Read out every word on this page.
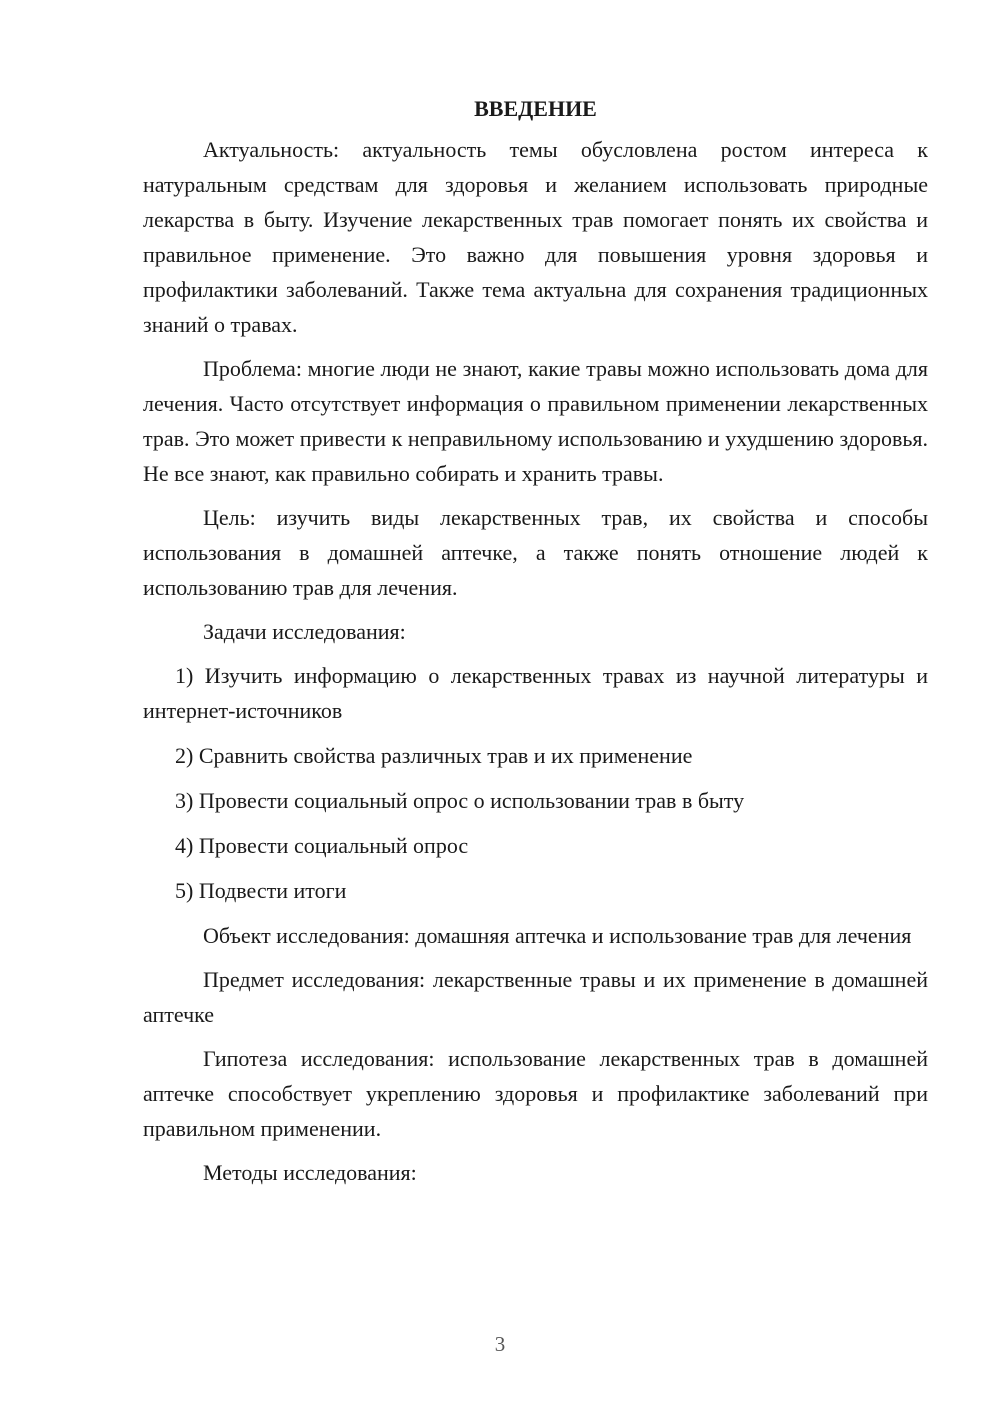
ВВЕДЕНИЕ

Актуальность: актуальность темы обусловлена ростом интереса к натуральным средствам для здоровья и желанием использовать природные лекарства в быту. Изучение лекарственных трав помогает понять их свойства и правильное применение. Это важно для повышения уровня здоровья и профилактики заболеваний. Также тема актуальна для сохранения традиционных знаний о травах.

Проблема: многие люди не знают, какие травы можно использовать дома для лечения. Часто отсутствует информация о правильном применении лекарственных трав. Это может привести к неправильному использованию и ухудшению здоровья. Не все знают, как правильно собирать и хранить травы.

Цель: изучить виды лекарственных трав, их свойства и способы использования в домашней аптечке, а также понять отношение людей к использованию трав для лечения.

Задачи исследования:

1) Изучить информацию о лекарственных травах из научной литературы и интернет-источников

2) Сравнить свойства различных трав и их применение

3) Провести социальный опрос о использовании трав в быту

4) Провести социальный опрос

5) Подвести итоги

Объект исследования: домашняя аптечка и использование трав для лечения

Предмет исследования: лекарственные травы и их применение в домашней аптечке

Гипотеза исследования: использование лекарственных трав в домашней аптечке способствует укреплению здоровья и профилактике заболеваний при правильном применении.

Методы исследования:

3
